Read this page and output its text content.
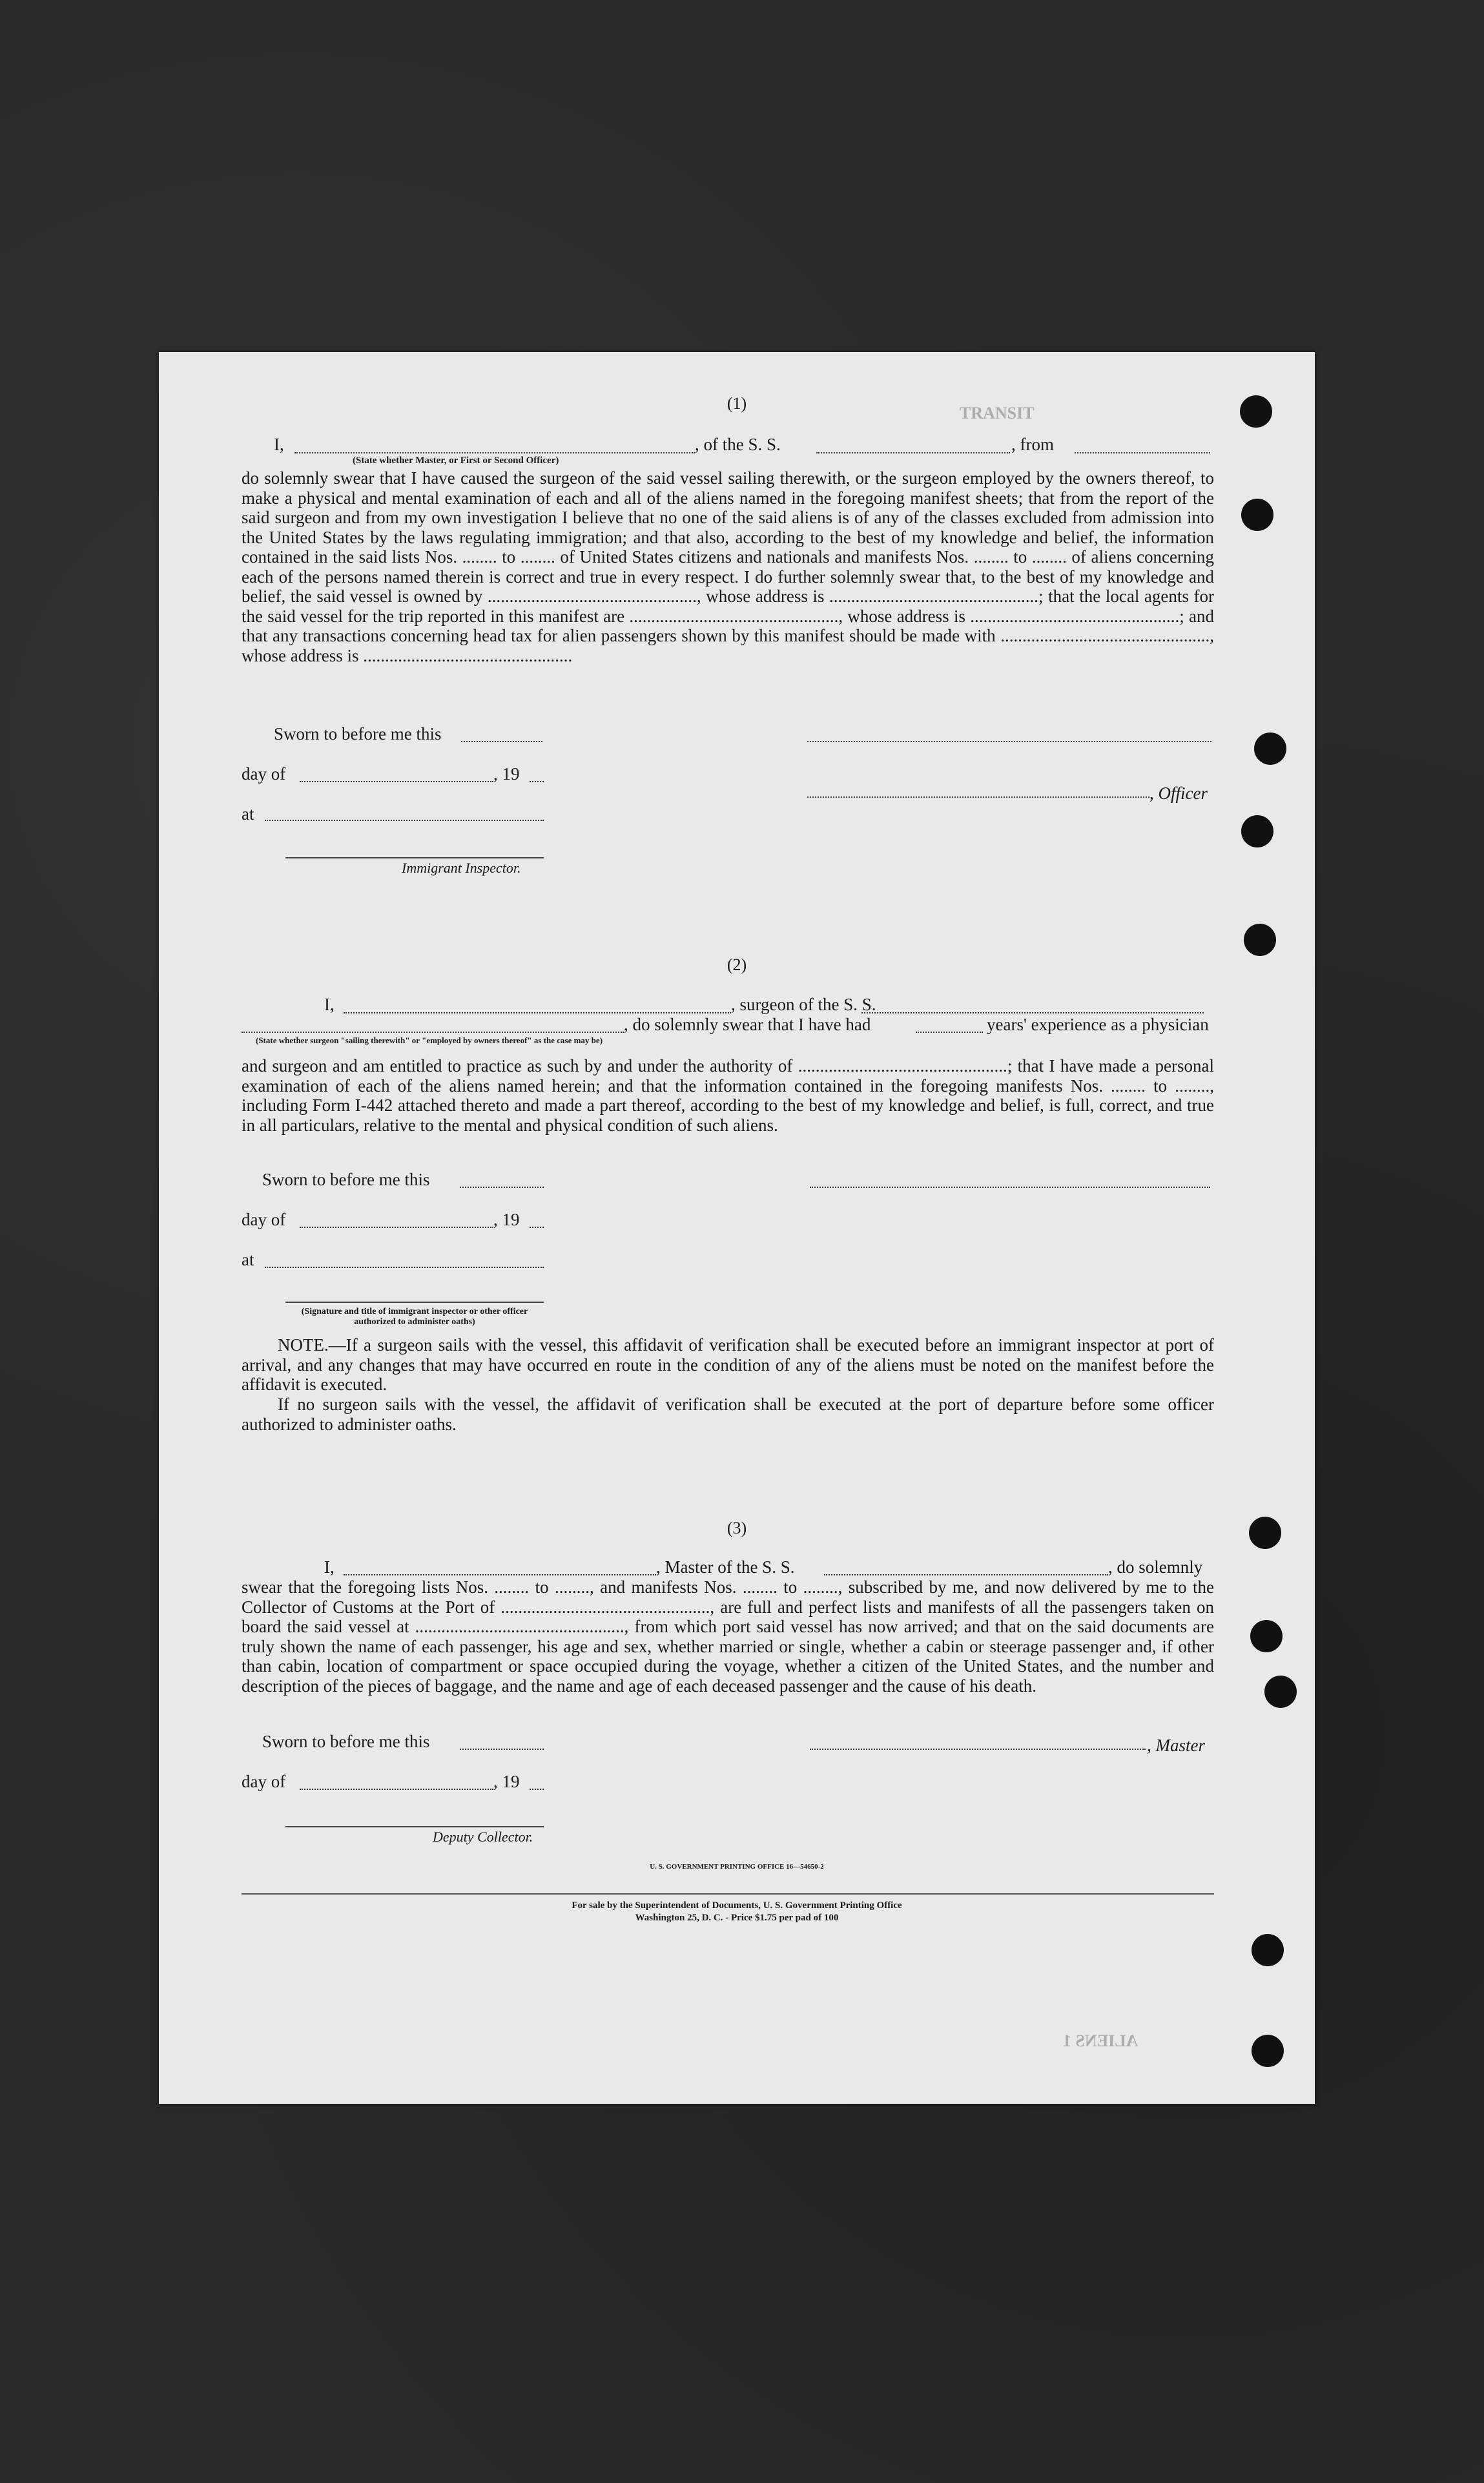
TRANSIT
ALIENS 1
(1)
I,
(State whether Master, or First or Second Officer)
, of the S. S.	, from
do solemnly swear that I have caused the surgeon of the said vessel sailing therewith, or the surgeon employed by the owners thereof, to make a physical and mental examination of each and all of the aliens named in the foregoing manifest sheets; that from the report of the said surgeon and from my own investigation I believe that no one of the said aliens is of any of the classes excluded from admission into the United States by the laws regulating immigration; and that also, according to the best of my knowledge and belief, the information contained in the said lists Nos. ........ to ........ of United States citizens and nationals and manifests Nos. ........ to ........ of aliens concerning each of the persons named therein is correct and true in every respect. I do further solemnly swear that, to the best of my knowledge and belief, the said vessel is owned by ................................................, whose address is ................................................; that the local agents for the said vessel for the trip reported in this manifest are ................................................, whose address is ................................................; and that any transactions concerning head tax for alien passengers shown by this manifest should be made with ................................................, whose address is ................................................
Sworn to before me this
day of	, 19
, Officer
at
Immigrant Inspector.
(2)
I,	, surgeon of the S. S.
, do solemnly swear that I have had	years' experience as a physician
(State whether surgeon "sailing therewith" or "employed by owners thereof" as the case may be)
and surgeon and am entitled to practice as such by and under the authority of ................................................; that I have made a personal examination of each of the aliens named herein; and that the information contained in the foregoing manifests Nos. ........ to ........, including Form I-442 attached thereto and made a part thereof, according to the best of my knowledge and belief, is full, correct, and true in all particulars, relative to the mental and physical condition of such aliens.
Sworn to before me this
day of	, 19
at
(Signature and title of immigrant inspector or other officer authorized to administer oaths)
NOTE.—If a surgeon sails with the vessel, this affidavit of verification shall be executed before an immigrant inspector at port of arrival, and any changes that may have occurred en route in the condition of any of the aliens must be noted on the manifest before the affidavit is executed.
If no surgeon sails with the vessel, the affidavit of verification shall be executed at the port of departure before some officer authorized to administer oaths.
(3)
I,	, Master of the S. S.	, do solemnly
swear that the foregoing lists Nos. ........ to ........, and manifests Nos. ........ to ........, subscribed by me, and now delivered by me to the Collector of Customs at the Port of ................................................, are full and perfect lists and manifests of all the passengers taken on board the said vessel at ................................................, from which port said vessel has now arrived; and that on the said documents are truly shown the name of each passenger, his age and sex, whether married or single, whether a cabin or steerage passenger and, if other than cabin, location of compartment or space occupied during the voyage, whether a citizen of the United States, and the number and description of the pieces of baggage, and the name and age of each deceased passenger and the cause of his death.
Sworn to before me this	, Master
day of	, 19
Deputy Collector.
U. S. GOVERNMENT PRINTING OFFICE 16—54650-2
For sale by the Superintendent of Documents, U. S. Government Printing Office
Washington 25, D. C. - Price $1.75 per pad of 100
